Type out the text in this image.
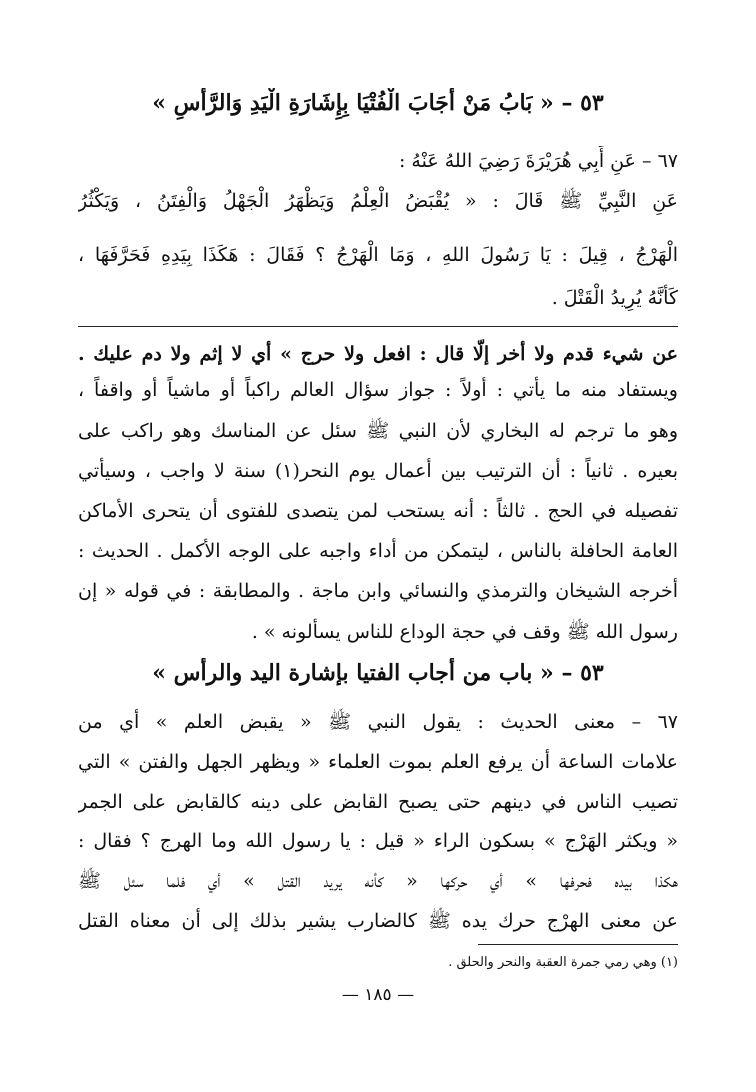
٥٣ – « بَابُ مَنْ أَجَابَ الْفُتْيَا بِإِشَارَةِ الْيَدِ وَالرَّأْسِ »
٦٧ – عَنِ أَبِي هُرَيْرَةَ رَضِيَ اللهُ عَنْهُ :
عَنِ النَّبِيِّ ﷺ قَالَ : « يُقْبَضُ الْعِلْمُ وَيَظْهَرُ الْجَهْلُ وَالْفِتَنُ ، وَيَكْثُرُ
الْهَرْجُ ، قِيلَ : يَا رَسُولَ اللهِ ، وَمَا الْهَرْجُ ؟ فَقَالَ : هَكَذَا بِيَدِهِ فَحَرَّفَهَا ،
كَأَنَّهُ يُرِيدُ الْقَتْلَ .
عن شيء قدم ولا أخر إلّا قال : افعل ولا حرج » أي لا إثم ولا دم عليك .
ويستفاد منه ما يأتي : أولاً : جواز سؤال العالم راكباً أو ماشياً أو واقفاً ،
وهو ما ترجم له البخاري لأن النبي ﷺ سئل عن المناسك وهو راكب على
بعيره . ثانياً : أن الترتيب بين أعمال يوم النحر(١) سنة لا واجب ، وسيأتي
تفصيله في الحج . ثالثاً : أنه يستحب لمن يتصدى للفتوى أن يتحرى الأماكن
العامة الحافلة بالناس ، ليتمكن من أداء واجبه على الوجه الأكمل . الحديث :
أخرجه الشيخان والترمذي والنسائي وابن ماجة . والمطابقة : في قوله « إن
رسول الله ﷺ وقف في حجة الوداع للناس يسألونه » .
٥٣ – « باب من أجاب الفتيا بإشارة اليد والرأس »
٦٧ – معنى الحديث : يقول النبي ﷺ « يقبض العلم » أي من
علامات الساعة أن يرفع العلم بموت العلماء « ويظهر الجهل والفتن » التي
تصيب الناس في دينهم حتى يصبح القابض على دينه كالقابض على الجمر
« ويكثر الهَرْج » بسكون الراء « قيل : يا رسول الله وما الهرج ؟ فقال :
هكذا بيده فحرفها » أي حركها « كأنه يريد القتل » أي فلما سئل ﷺ
عن معنى الهرْج حرك يده ﷺ كالضارب يشير بذلك إلى أن معناه القتل
(١) وهي رمي جمرة العقبة والنحر والحلق .
— ١٨٥ —
